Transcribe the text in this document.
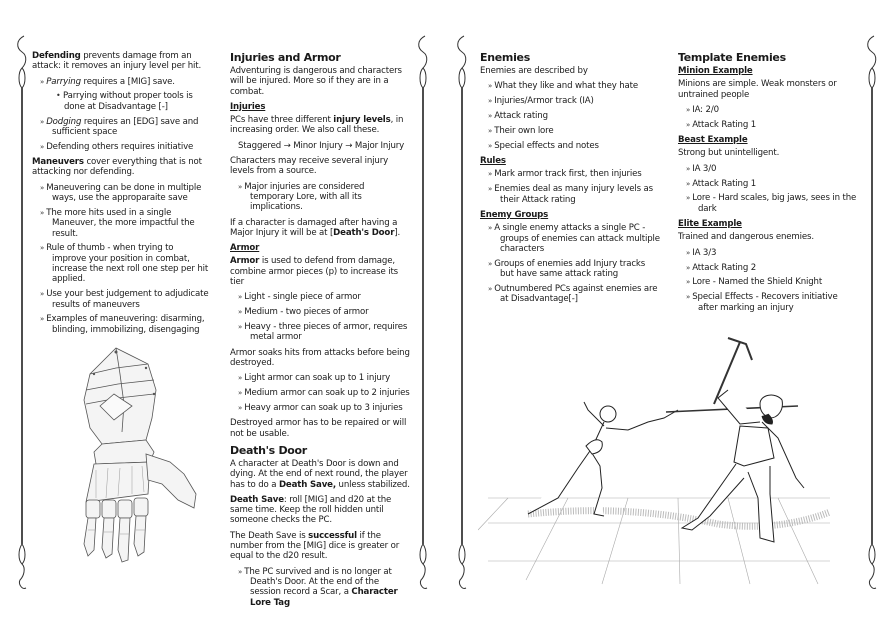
Defending prevents damage from an attack: it removes an injury level per hit.

» Parrying requires a [MIG] save.
• Parrying without proper tools is done at Disadvantage [-]
» Dodging requires an [EDG] save and sufficient space
» Defending others requires initiative

Maneuvers cover everything that is not attacking nor defending.

» Maneuvering can be done in multiple ways, use the approparaite save
» The more hits used in a single Maneuver, the more impactful the result.
» Rule of thumb - when trying to improve your position in combat, increase the next roll one step per hit applied.
» Use your best judgement to adjudicate results of maneuvers
» Examples of maneuvering: disarming, blinding, immobilizing, disengaging
Injuries and Armor

Adventuring is dangerous and characters will be injured. More so if they are in a combat.

Injuries

PCs have three different injury levels, in increasing order. We also call these.

Staggered → Minor Injury → Major Injury

Characters may receive several injury levels from a source.

» Major injuries are considered temporary Lore, with all its implications.

If a character is damaged after having a Major Injury it will be at [Death's Door].

Armor

Armor is used to defend from damage, combine armor pieces (p) to increase its tier

» Light - single piece of armor
» Medium - two pieces of armor
» Heavy - three pieces of armor, requires metal armor

Armor soaks hits from attacks before being destroyed.

» Light armor can soak up to 1 injury
» Medium armor can soak up to 2 injuries
» Heavy armor can soak up to 3 injuries

Destroyed armor has to be repaired or will not be usable.

Death's Door

A character at Death's Door is down and dying. At the end of next round, the player has to do a Death Save, unless stabilized.

Death Save: roll [MIG] and d20 at the same time. Keep the roll hidden until someone checks the PC.

The Death Save is successful if the number from the [MIG] dice is greater or equal to the d20 result.

» The PC survived and is no longer at Death's Door. At the end of the session record a Scar, a Character Lore Tag
Enemies

Enemies are described by

» What they like and what they hate
» Injuries/Armor track (IA)
» Attack rating
» Their own lore
» Special effects and notes
Rules
» Mark armor track first, then injuries
» Enemies deal as many injury levels as their Attack rating
Enemy Groups
» A single enemy attacks a single PC - groups of enemies can attack multiple characters
» Groups of enemies add Injury tracks but have same attack rating
» Outnumbered PCs against enemies are at Disadvantage[-]
Template Enemies
Minion Example

Minions are simple. Weak monsters or untrained people

» IA: 2/0
» Attack Rating 1
Beast Example

Strong but unintelligent.

» IA 3/0
» Attack Rating 1
» Lore - Hard scales, big jaws, sees in the dark
Elite Example

Trained and dangerous enemies.

» IA 3/3
» Attack Rating 2
» Lore - Named the Shield Knight
» Special Effects - Recovers initiative after marking an injury
